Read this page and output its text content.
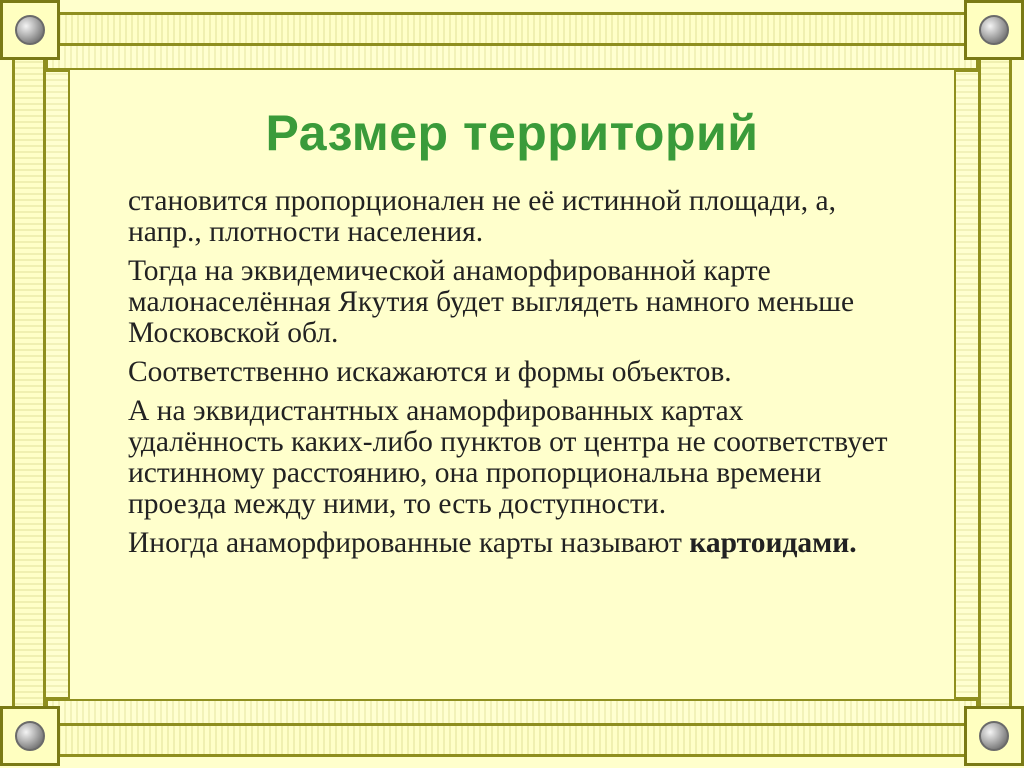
Размер территорий

становится пропорционален не её истинной площади, а, напр., плотности населения.

Тогда на эквидемической анаморфированной карте малонаселённая Якутия будет выглядеть намного меньше Московской обл.

Соответственно искажаются и формы объектов.

А на эквидистантных анаморфированных картах удалённость каких-либо пунктов от центра не соответствует истинному расстоянию, она пропорциональна времени проезда между ними, то есть доступности.

Иногда анаморфированные карты называют картоидами.
